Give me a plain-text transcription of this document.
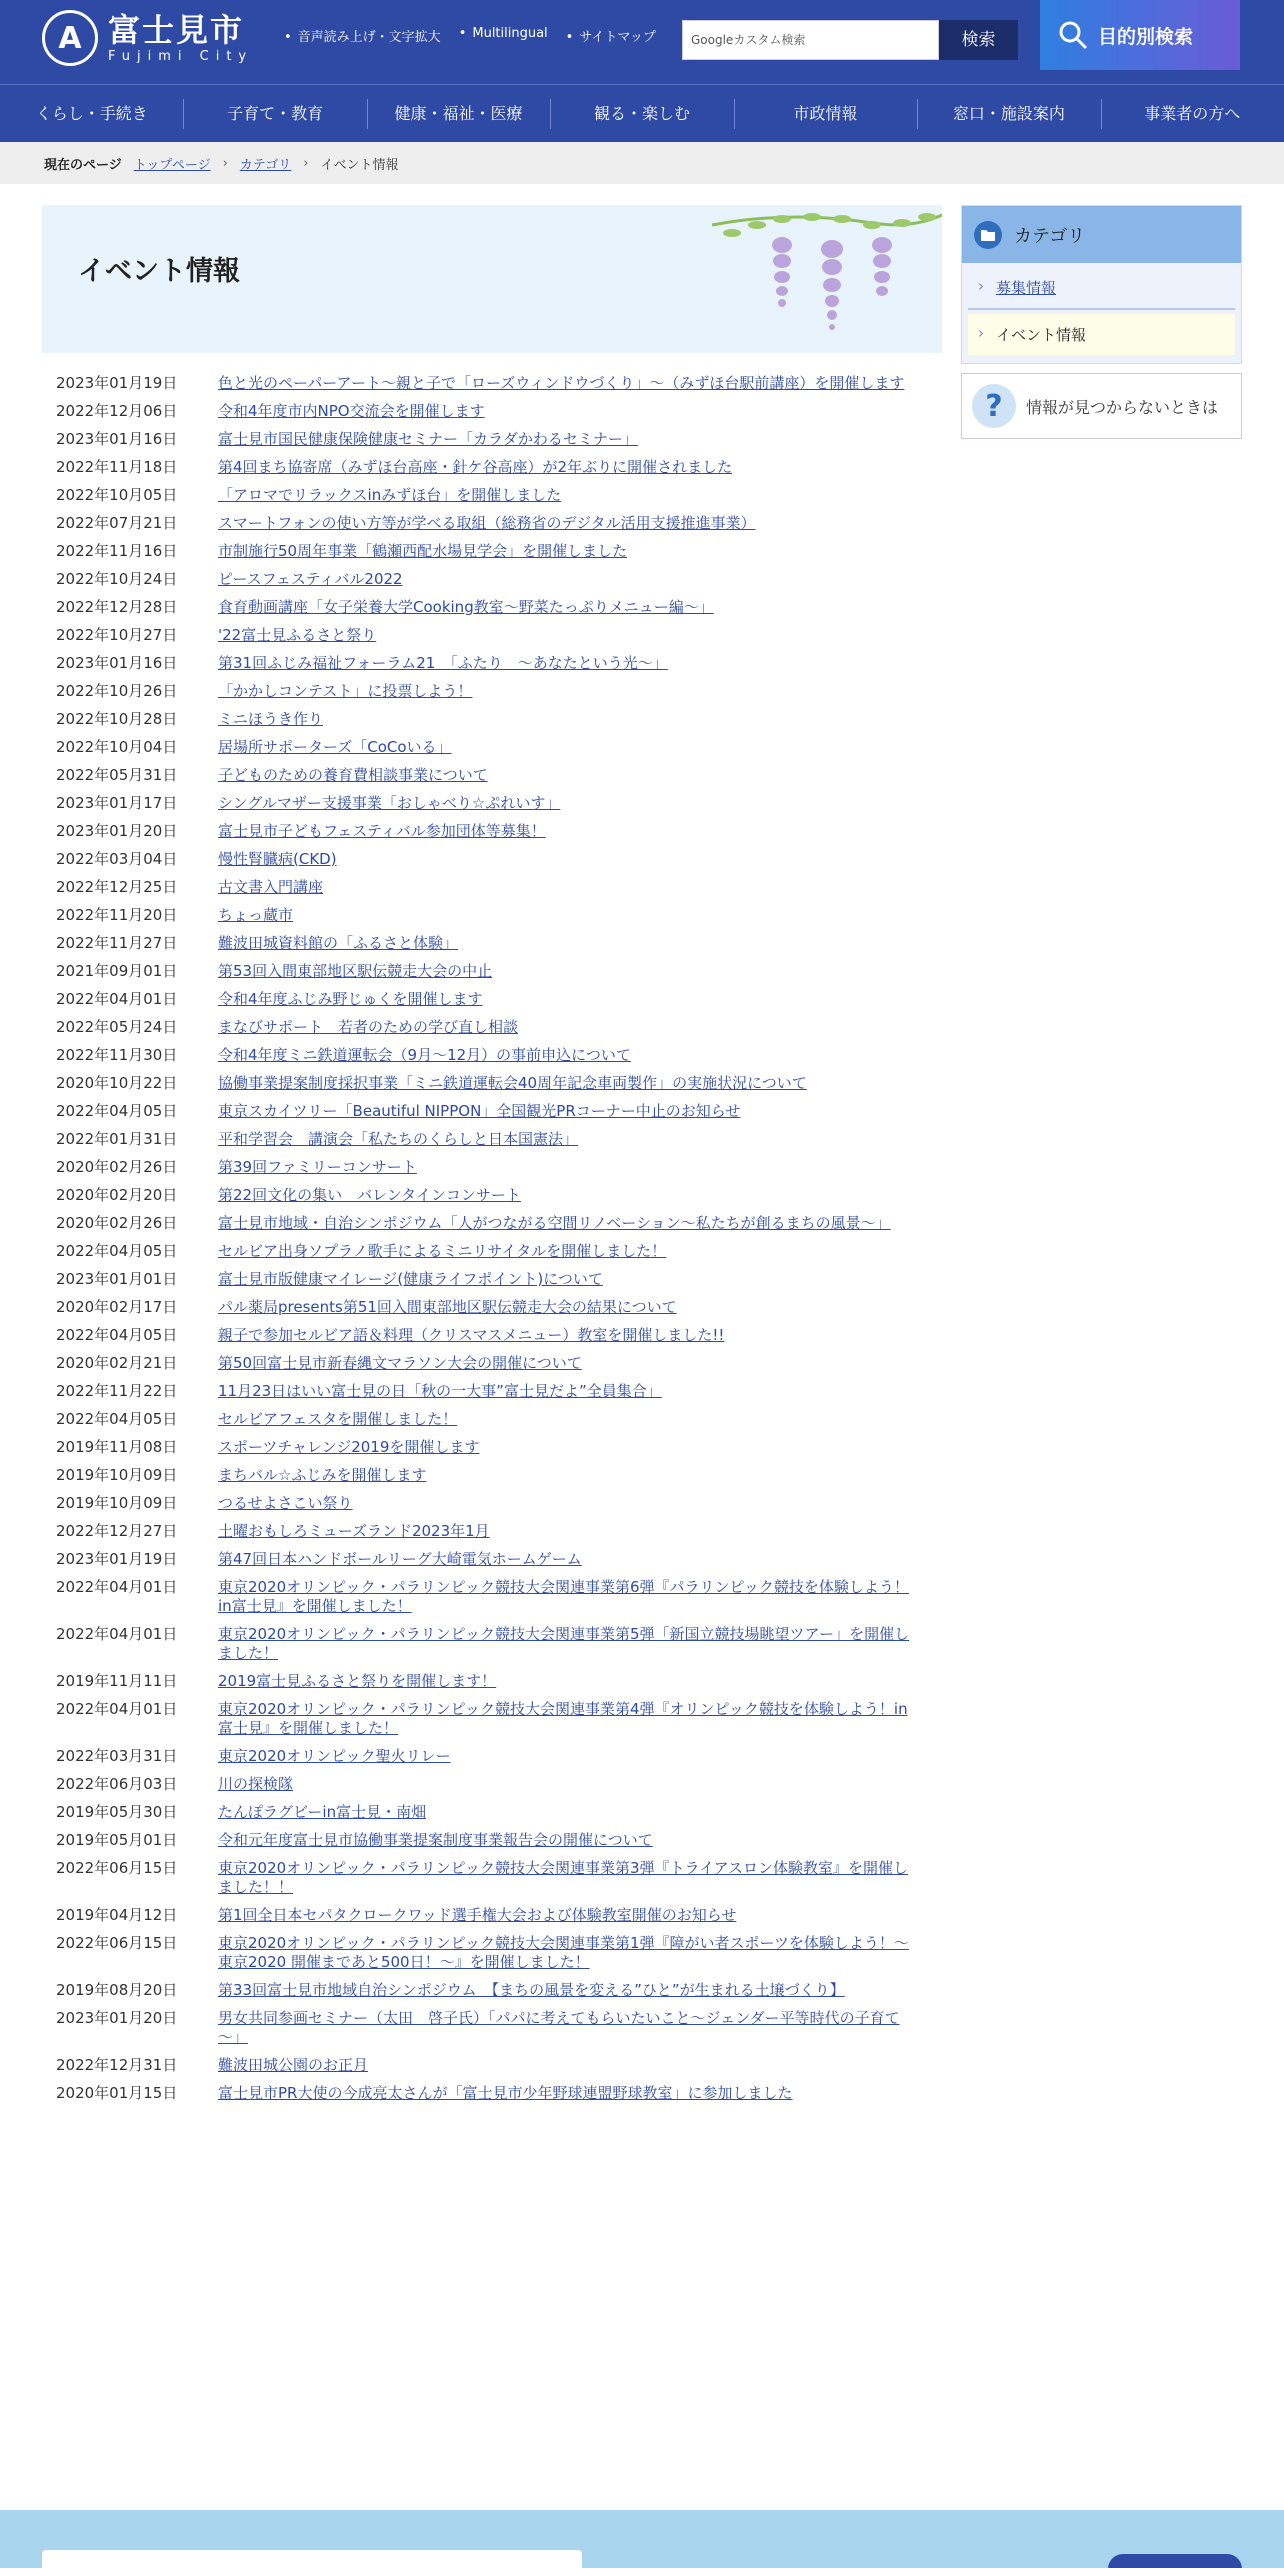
A 富士見市
Fujimi City
• 音声読み上げ・文字拡大	• Multilingual	• サイトマップ	Googleカスタム検索	検索	目的別検索
くらし・手続き	子育て・教育	健康・福祉・医療	観る・楽しむ	市政情報	窓口・施設案内	事業者の方へ
現在のページ トップページ › カテゴリ › イベント情報
イベント情報
2023年01月19日	色と光のペーパーアート～親と子で「ローズウィンドウづくり」～（みずほ台駅前講座）を開催します
2022年12月06日	令和4年度市内NPO交流会を開催します
2023年01月16日	富士見市国民健康保険健康セミナー「カラダかわるセミナー」
2022年11月18日	第4回まち協寄席（みずほ台高座・針ケ谷高座）が2年ぶりに開催されました
2022年10月05日	「アロマでリラックスinみずほ台」を開催しました
2022年07月21日	スマートフォンの使い方等が学べる取組（総務省のデジタル活用支援推進事業）
2022年11月16日	市制施行50周年事業「鶴瀬西配水場見学会」を開催しました
2022年10月24日	ピースフェスティバル2022
2022年12月28日	食育動画講座「女子栄養大学Cooking教室～野菜たっぷりメニュー編～」
2022年10月27日	'22富士見ふるさと祭り
2023年01月16日	第31回ふじみ福祉フォーラム21　「ふたり　～あなたという光～」
2022年10月26日	「かかしコンテスト」に投票しよう！
2022年10月28日	ミニほうき作り
2022年10月04日	居場所サポーターズ「CoCoいる」
2022年05月31日	子どものための養育費相談事業について
2023年01月17日	シングルマザー支援事業「おしゃべり☆ぷれいす」
2023年01月20日	富士見市子どもフェスティバル参加団体等募集！
2022年03月04日	慢性腎臓病(CKD)
2022年12月25日	古文書入門講座
2022年11月20日	ちょっ蔵市
2022年11月27日	難波田城資料館の「ふるさと体験」
2021年09月01日	第53回入間東部地区駅伝競走大会の中止
2022年04月01日	令和4年度ふじみ野じゅくを開催します
2022年05月24日	まなびサポート　若者のための学び直し相談
2022年11月30日	令和4年度ミニ鉄道運転会（9月～12月）の事前申込について
2020年10月22日	協働事業提案制度採択事業「ミニ鉄道運転会40周年記念車両製作」の実施状況について
2022年04月05日	東京スカイツリー「Beautiful NIPPON」全国観光PRコーナー中止のお知らせ
2022年01月31日	平和学習会　講演会「私たちのくらしと日本国憲法」
2020年02月26日	第39回ファミリーコンサート
2020年02月20日	第22回文化の集い　バレンタインコンサート
2020年02月26日	富士見市地域・自治シンポジウム「人がつながる空間リノベーション～私たちが創るまちの風景～」
2022年04月05日	セルビア出身ソプラノ歌手によるミニリサイタルを開催しました！
2023年01月01日	富士見市版健康マイレージ(健康ライフポイント)について
2020年02月17日	パル薬局presents第51回入間東部地区駅伝競走大会の結果について
2022年04月05日	親子で参加セルビア語＆料理（クリスマスメニュー）教室を開催しました!!
2020年02月21日	第50回富士見市新春縄文マラソン大会の開催について
2022年11月22日	11月23日はいい富士見の日「秋の一大事”富士見だよ”全員集合」
2022年04月05日	セルビアフェスタを開催しました！
2019年11月08日	スポーツチャレンジ2019を開催します
2019年10月09日	まちバル☆ふじみを開催します
2019年10月09日	つるせよさこい祭り
2022年12月27日	土曜おもしろミューズランド2023年1月
2023年01月19日	第47回日本ハンドボールリーグ大崎電気ホームゲーム
2022年04月01日	東京2020オリンピック・パラリンピック競技大会関連事業第6弾『パラリンピック競技を体験しよう！in富士見』を開催しました！
2022年04月01日	東京2020オリンピック・パラリンピック競技大会関連事業第5弾「新国立競技場眺望ツアー」を開催しました！
2019年11月11日	2019富士見ふるさと祭りを開催します！
2022年04月01日	東京2020オリンピック・パラリンピック競技大会関連事業第4弾『オリンピック競技を体験しよう！in富士見』を開催しました！
2022年03月31日	東京2020オリンピック聖火リレー
2022年06月03日	川の探検隊
2019年05月30日	たんぽラグビーin富士見・南畑
2019年05月01日	令和元年度富士見市協働事業提案制度事業報告会の開催について
2022年06月15日	東京2020オリンピック・パラリンピック競技大会関連事業第3弾『トライアスロン体験教室』を開催しました！！
2019年04月12日	第1回全日本セパタクロークワッド選手権大会および体験教室開催のお知らせ
2022年06月15日	東京2020オリンピック・パラリンピック競技大会関連事業第1弾『障がい者スポーツを体験しよう！～東京2020 開催まであと500日！～』を開催しました！
2019年08月20日	第33回富士見市地域自治シンポジウム　【まちの風景を変える”ひと”が生まれる土壌づくり】
2023年01月20日	男女共同参画セミナー（太田　啓子氏）「パパに考えてもらいたいこと～ジェンダー平等時代の子育て～」
2022年12月31日	難波田城公園のお正月
2020年01月15日	富士見市PR大使の今成亮太さんが「富士見市少年野球連盟野球教室」に参加しました
カテゴリ
› 募集情報
› イベント情報
?	情報が見つからないときは
